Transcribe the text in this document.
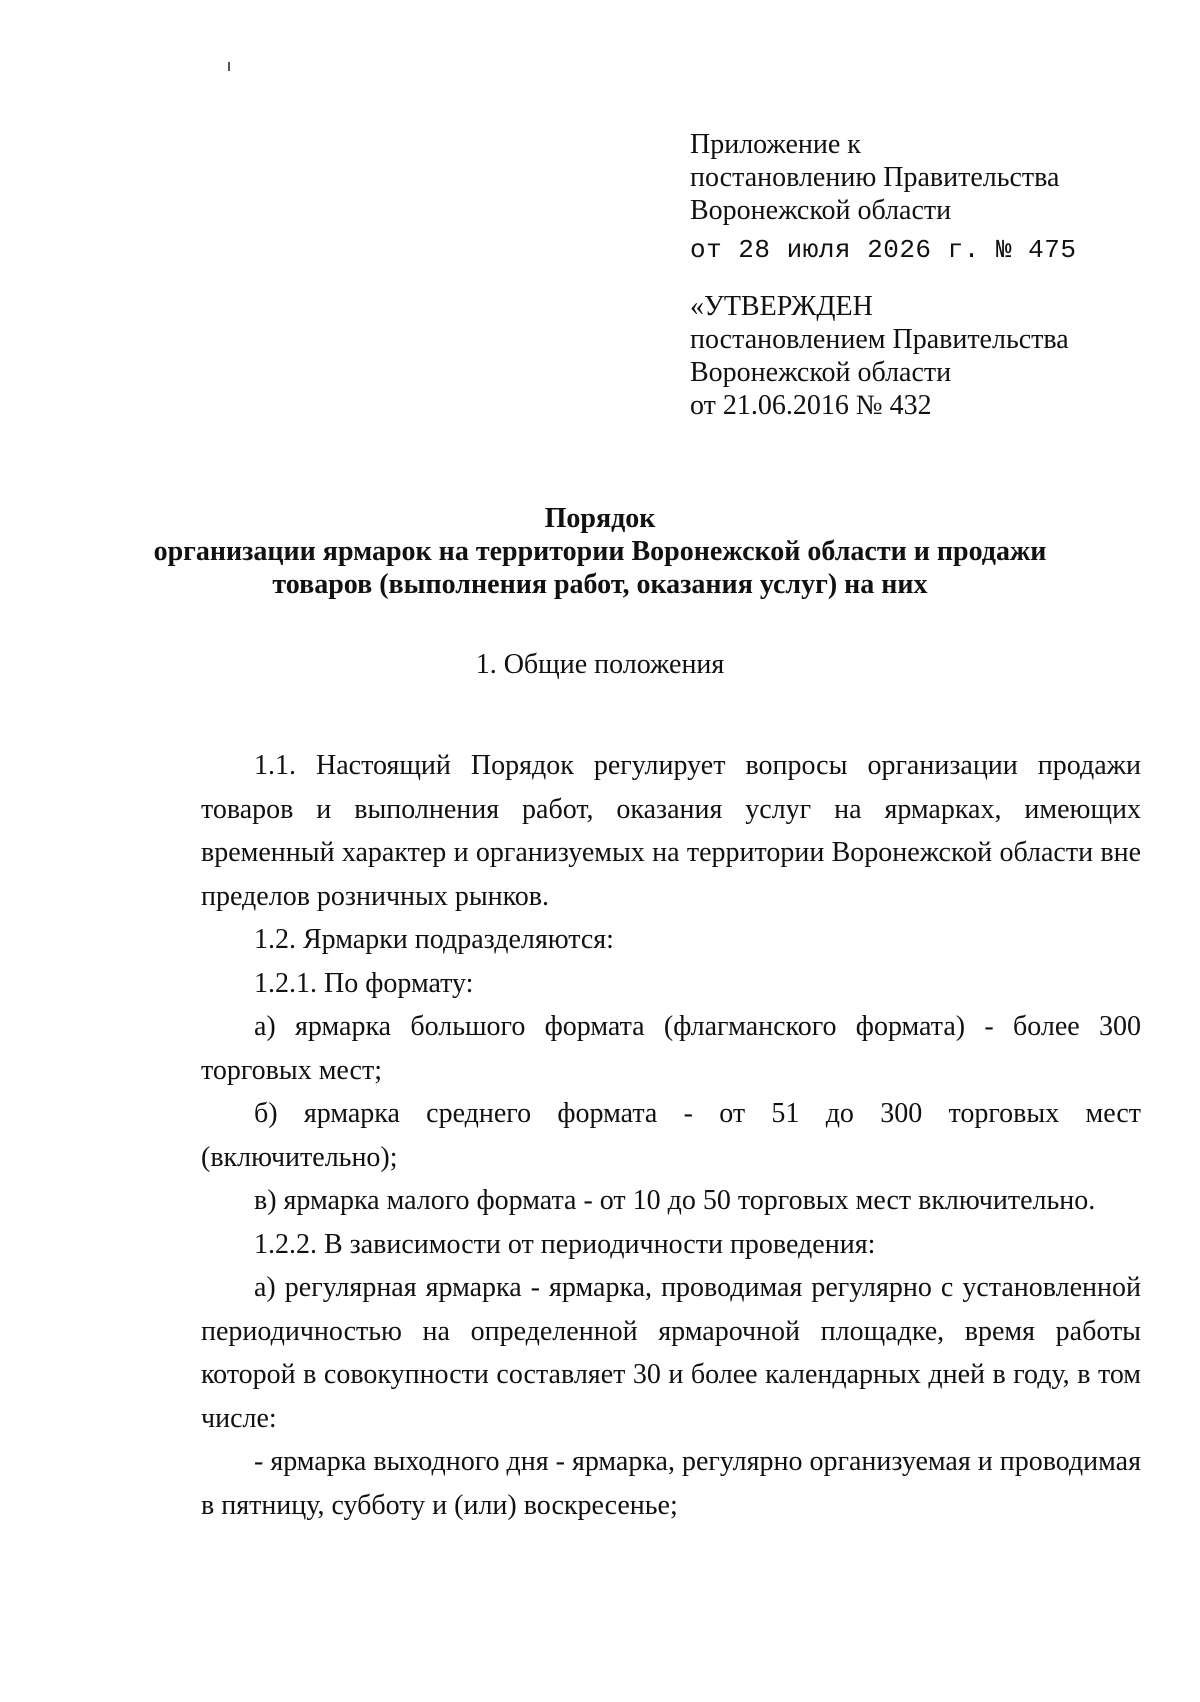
Приложение к
постановлению Правительства
Воронежской области
от 28 июля 2026 г. № 475
«УТВЕРЖДЕН
постановлением Правительства
Воронежской области
от 21.06.2016 № 432
Порядок
организации ярмарок на территории Воронежской области и продажи
товаров (выполнения работ, оказания услуг) на них
1. Общие положения

1.1. Настоящий Порядок регулирует вопросы организации продажи товаров и выполнения работ, оказания услуг на ярмарках, имеющих временный характер и организуемых на территории Воронежской области вне пределов розничных рынков.

1.2. Ярмарки подразделяются:

1.2.1. По формату:

а) ярмарка большого формата (флагманского формата) - более 300 торговых мест;

б) ярмарка среднего формата - от 51 до 300 торговых мест (включительно);

в) ярмарка малого формата - от 10 до 50 торговых мест включительно.

1.2.2. В зависимости от периодичности проведения:

а) регулярная ярмарка - ярмарка, проводимая регулярно с установленной периодичностью на определенной ярмарочной площадке, время работы которой в совокупности составляет 30 и более календарных дней в году, в том числе:

- ярмарка выходного дня - ярмарка, регулярно организуемая и проводимая в пятницу, субботу и (или) воскресенье;
